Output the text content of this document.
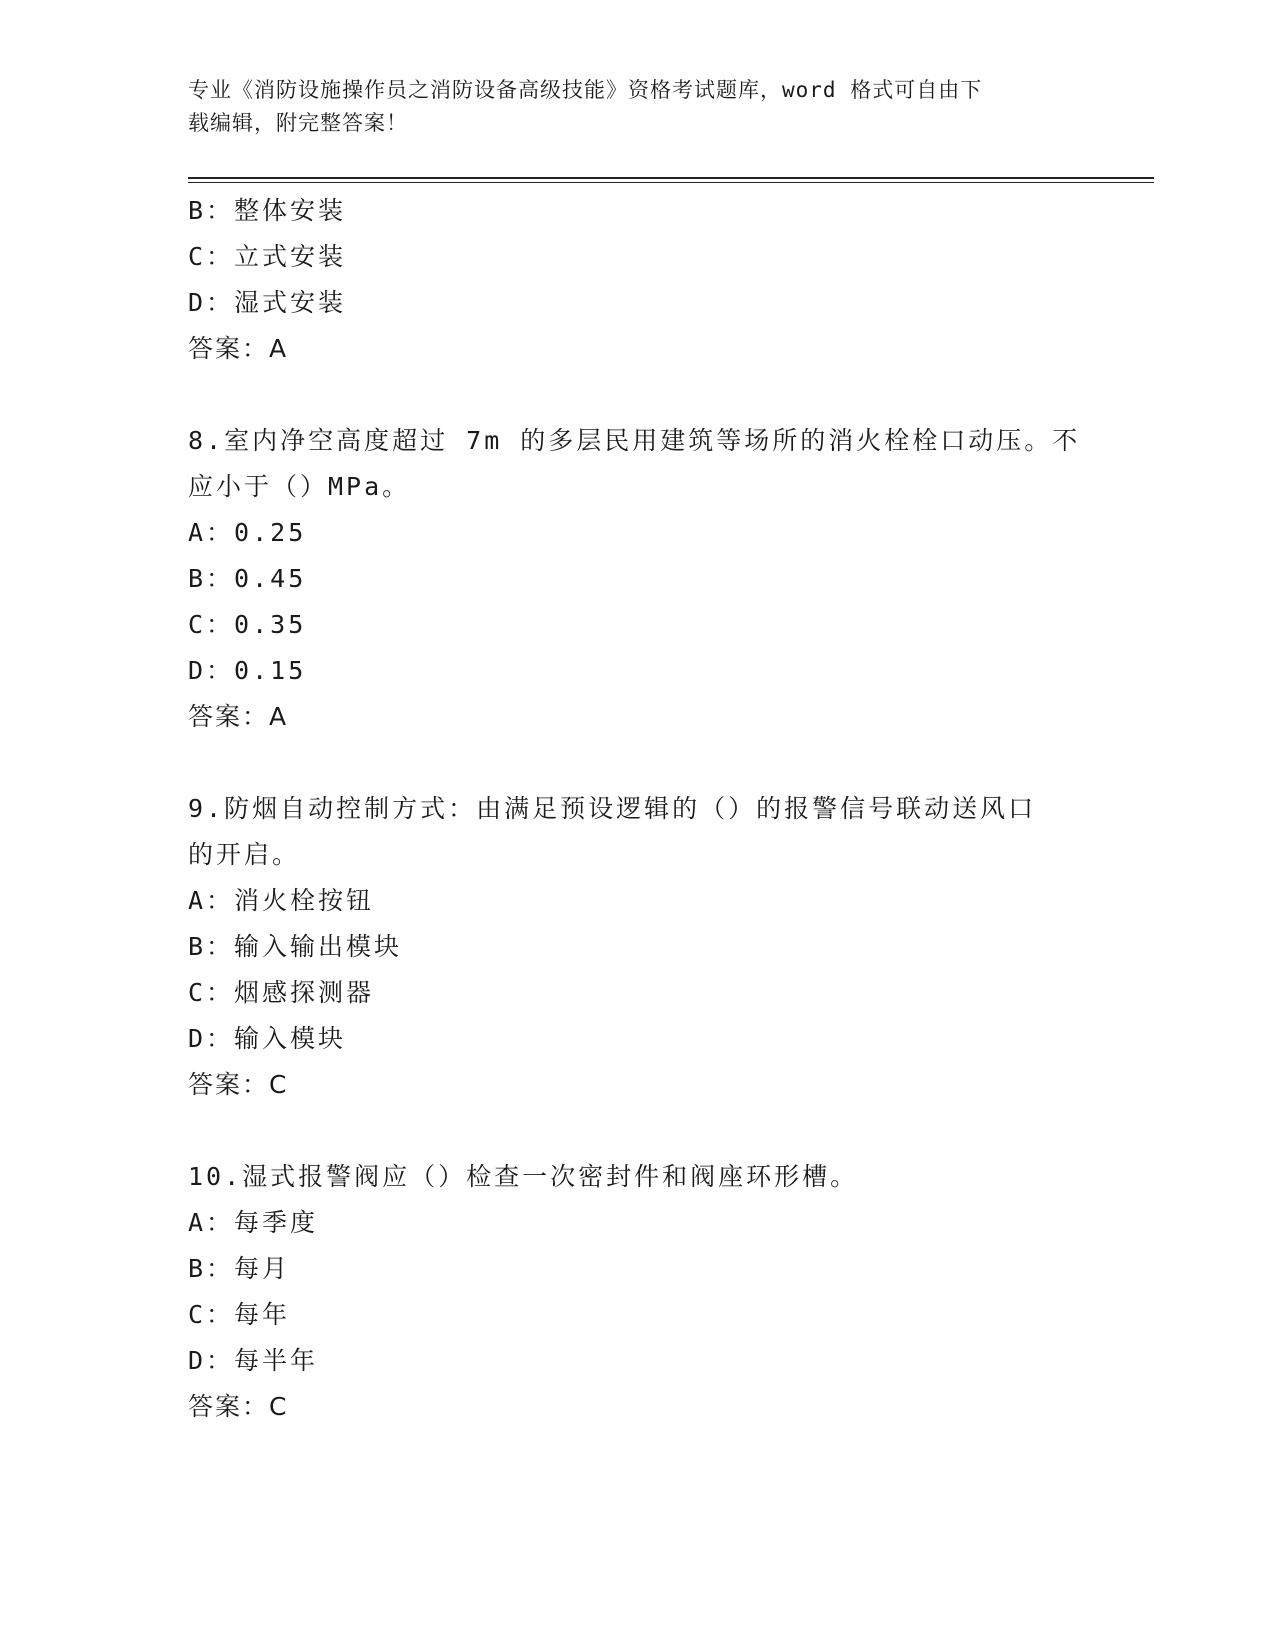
专业《消防设施操作员之消防设备高级技能》资格考试题库，word 格式可自由下
载编辑，附完整答案！
B：整体安装
C：立式安装
D：湿式安装
答案：A
8.室内净空高度超过 7m 的多层民用建筑等场所的消火栓栓口动压。不
应小于（）MPa。
A：0.25
B：0.45
C：0.35
D：0.15
答案：A
9.防烟自动控制方式：由满足预设逻辑的（）的报警信号联动送风口
的开启。
A：消火栓按钮
B：输入输出模块
C：烟感探测器
D：输入模块
答案：C
10.湿式报警阀应（）检查一次密封件和阀座环形槽。
A：每季度
B：每月
C：每年
D：每半年
答案：C
